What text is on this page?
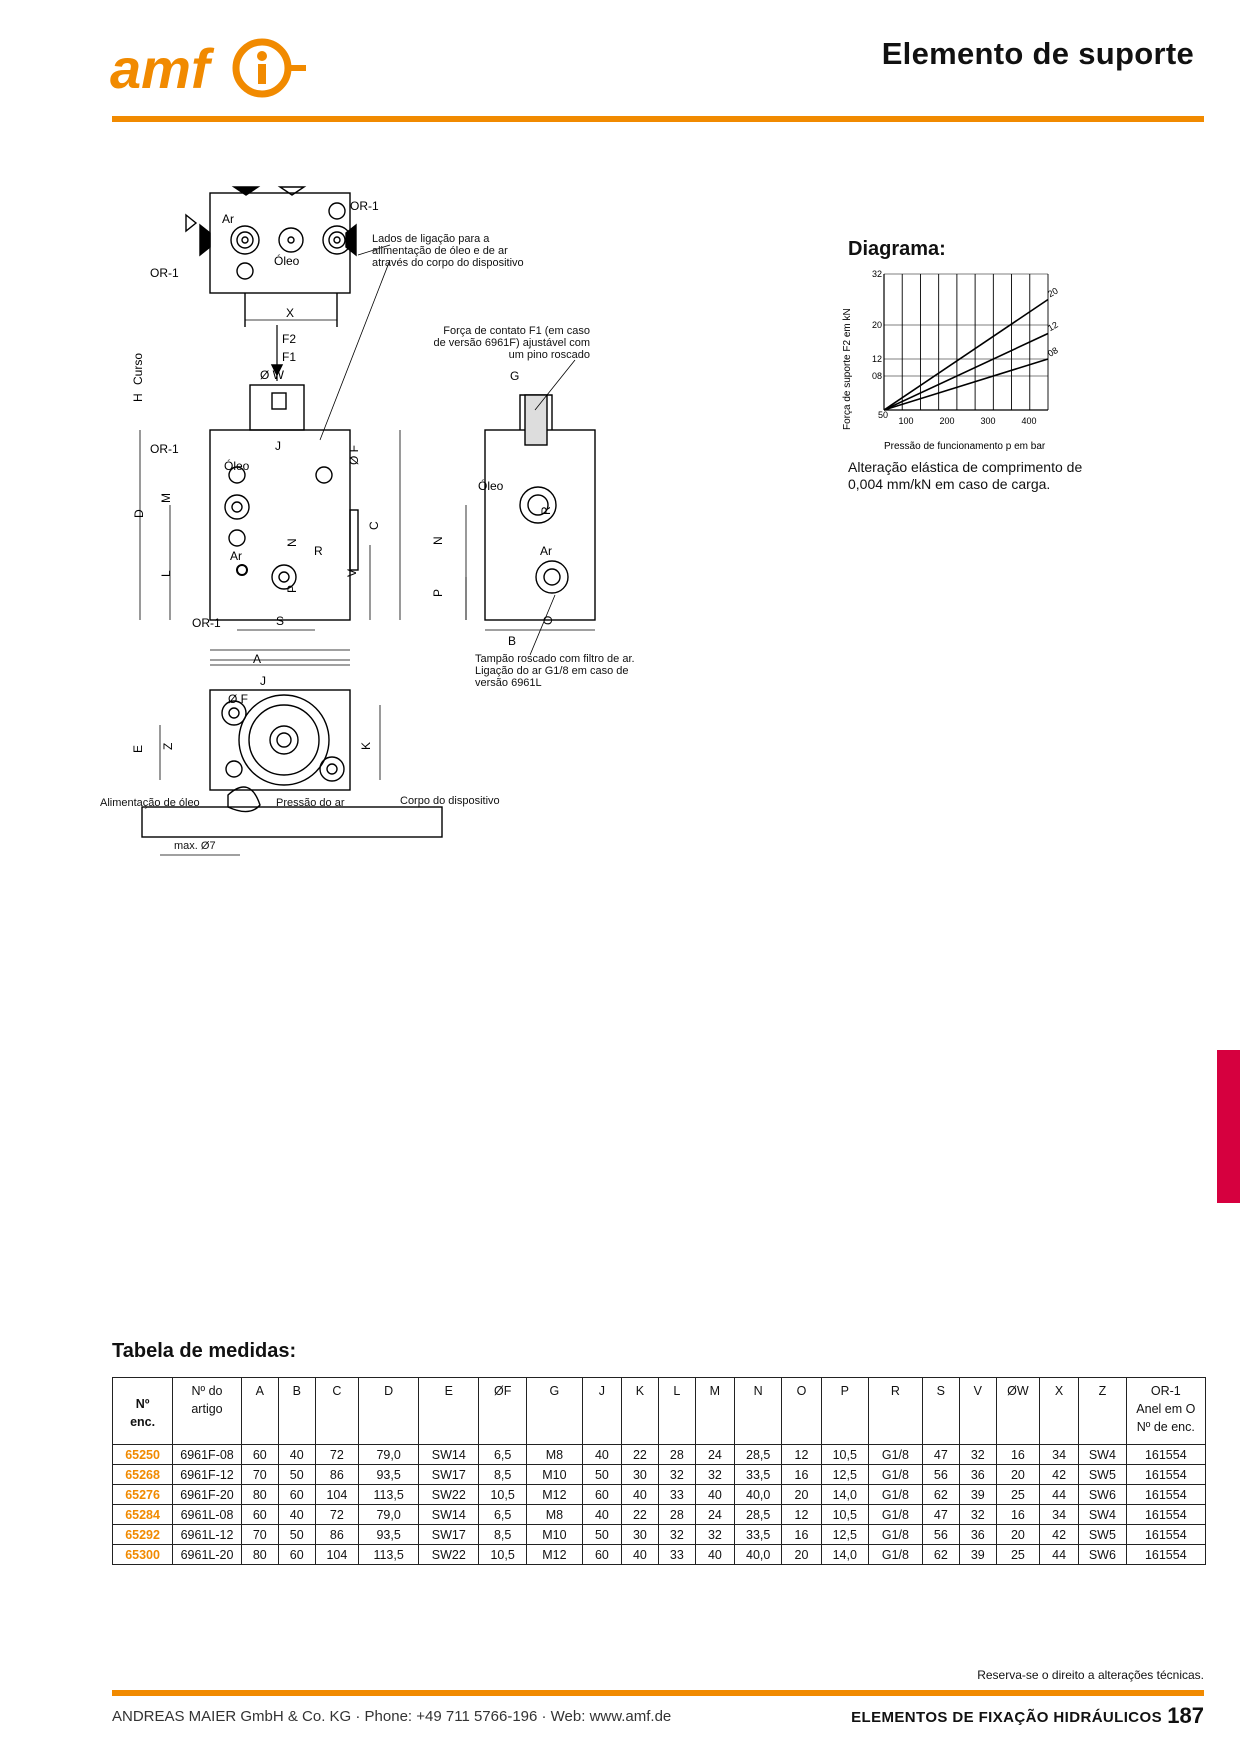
amf	Elemento de suporte
Ar
Óleo
OR-1
OR-1
X
F2
F1
Ø W
Curso
H
OR-1	J
Óleo
Ø F
D
M
L
N
P
R
V
C
Ar
OR-1	S
A
J
Ø F
G
Óleo
R
N
P
Ar
O
B
E Z	K
Lados de ligação para a alimentação de óleo e de ar através do corpo do dispositivo
Força de contato F1 (em caso de versão 6961F) ajustável com um pino roscado
Tampão roscado com filtro de ar. Ligação do ar G1/8 em caso de versão 6961L
Alimentação de óleo	Pressão do ar	Corpo do dispositivo
max. Ø7
Diagrama:
32
20
12
08
50
100	200	300	400
20
12
08
Força de suporte F2 em kN
Pressão de funcionamento p em bar
Alteração elástica de comprimento de 0,004 mm/kN em caso de carga.
Tabela de medidas:
Nº
enc.	Nº do
artigo	A	B	C	D	E	ØF	G	J	K	L	M	N	O	P	R	S	V	ØW	X	Z	OR-1
Anel em O
Nº de enc.
65250	6961F-08	60	40	72	79,0	SW14	6,5	M8	40	22	28	24	28,5	12	10,5	G1/8	47	32	16	34	SW4	161554
65268	6961F-12	70	50	86	93,5	SW17	8,5	M10	50	30	32	32	33,5	16	12,5	G1/8	56	36	20	42	SW5	161554
65276	6961F-20	80	60	104	113,5	SW22	10,5	M12	60	40	33	40	40,0	20	14,0	G1/8	62	39	25	44	SW6	161554
65284	6961L-08	60	40	72	79,0	SW14	6,5	M8	40	22	28	24	28,5	12	10,5	G1/8	47	32	16	34	SW4	161554
65292	6961L-12	70	50	86	93,5	SW17	8,5	M10	50	30	32	32	33,5	16	12,5	G1/8	56	36	20	42	SW5	161554
65300	6961L-20	80	60	104	113,5	SW22	10,5	M12	60	40	33	40	40,0	20	14,0	G1/8	62	39	25	44	SW6	161554
Reserva-se o direito a alterações técnicas.
ANDREAS MAIER GmbH & Co. KG · Phone: +49 711 5766-196 · Web: www.amf.de	ELEMENTOS DE FIXAÇÃO HIDRÁULICOS 187
